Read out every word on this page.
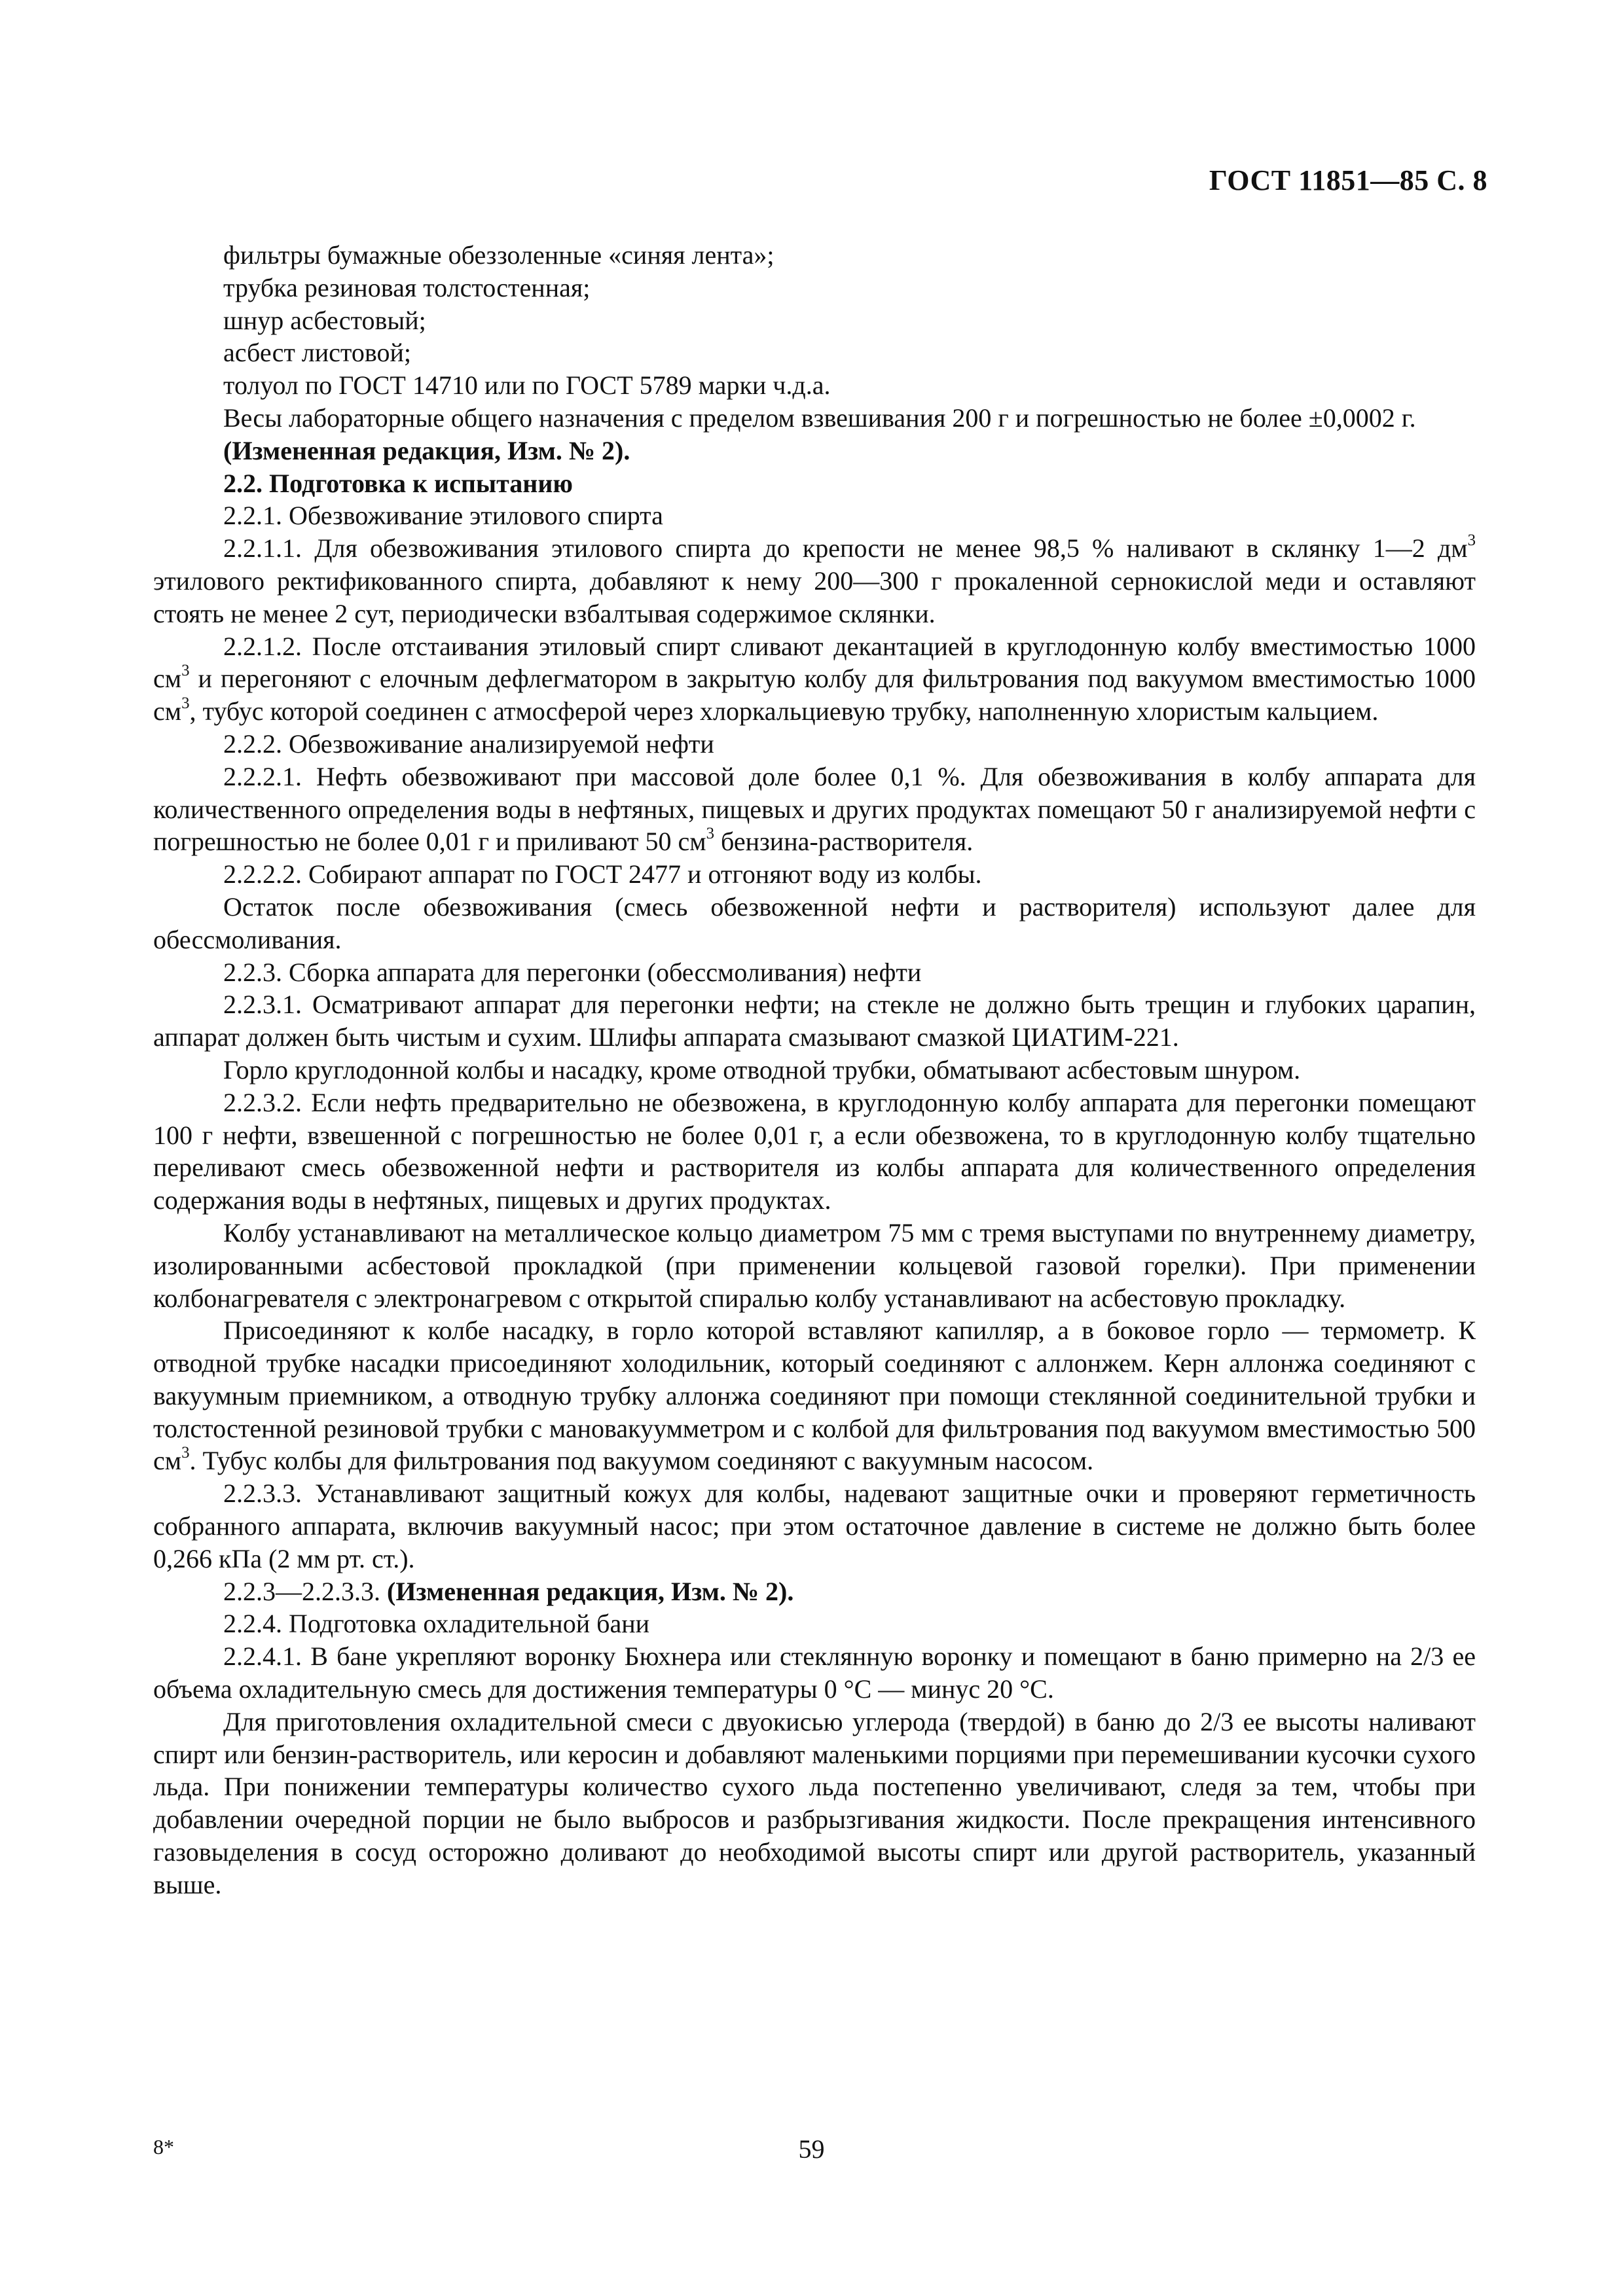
ГОСТ 11851—85 С. 8

фильтры бумажные обеззоленные «синяя лента»;

трубка резиновая толстостенная;

шнур асбестовый;

асбест листовой;

толуол по ГОСТ 14710 или по ГОСТ 5789 марки ч.д.а.

Весы лабораторные общего назначения с пределом взвешивания 200 г и погрешностью не более ±0,0002 г.

(Измененная редакция, Изм. № 2).

2.2. Подготовка к испытанию

2.2.1. Обезвоживание этилового спирта

2.2.1.1. Для обезвоживания этилового спирта до крепости не менее 98,5 % наливают в склянку 1—2 $дм^3$ этилового ректификованного спирта, добавляют к нему 200—300 г прокаленной сернокислой меди и оставляют стоять не менее 2 сут, периодически взбалтывая содержимое склянки.

2.2.1.2. После отстаивания этиловый спирт сливают декантацией в круглодонную колбу вместимостью 1000 $см^3$ и перегоняют с елочным дефлегматором в закрытую колбу для фильтрования под вакуумом вместимостью 1000 $см^3$, тубус которой соединен с атмосферой через хлоркальциевую трубку, наполненную хлористым кальцием.

2.2.2. Обезвоживание анализируемой нефти

2.2.2.1. Нефть обезвоживают при массовой доле более 0,1 %. Для обезвоживания в колбу аппарата для количественного определения воды в нефтяных, пищевых и других продуктах помещают 50 г анализируемой нефти с погрешностью не более 0,01 г и приливают 50 $см^3$ бензина-растворителя.

2.2.2.2. Собирают аппарат по ГОСТ 2477 и отгоняют воду из колбы.

Остаток после обезвоживания (смесь обезвоженной нефти и растворителя) используют далее для обессмоливания.

2.2.3. Сборка аппарата для перегонки (обессмоливания) нефти

2.2.3.1. Осматривают аппарат для перегонки нефти; на стекле не должно быть трещин и глубоких царапин, аппарат должен быть чистым и сухим. Шлифы аппарата смазывают смазкой ЦИАТИМ-221.

Горло круглодонной колбы и насадку, кроме отводной трубки, обматывают асбестовым шнуром.

2.2.3.2. Если нефть предварительно не обезвожена, в круглодонную колбу аппарата для перегонки помещают 100 г нефти, взвешенной с погрешностью не более 0,01 г, а если обезвожена, то в круглодонную колбу тщательно переливают смесь обезвоженной нефти и растворителя из колбы аппарата для количественного определения содержания воды в нефтяных, пищевых и других продуктах.

Колбу устанавливают на металлическое кольцо диаметром 75 мм с тремя выступами по внутреннему диаметру, изолированными асбестовой прокладкой (при применении кольцевой газовой горелки). При применении колбонагревателя с электронагревом с открытой спиралью колбу устанавливают на асбестовую прокладку.

Присоединяют к колбе насадку, в горло которой вставляют капилляр, а в боковое горло — термометр. К отводной трубке насадки присоединяют холодильник, который соединяют с аллонжем. Керн аллонжа соединяют с вакуумным приемником, а отводную трубку аллонжа соединяют при помощи стеклянной соединительной трубки и толстостенной резиновой трубки с мановакуумметром и с колбой для фильтрования под вакуумом вместимостью 500 $см^3$. Тубус колбы для фильтрования под вакуумом соединяют с вакуумным насосом.

2.2.3.3. Устанавливают защитный кожух для колбы, надевают защитные очки и проверяют герметичность собранного аппарата, включив вакуумный насос; при этом остаточное давление в системе не должно быть более 0,266 кПа (2 мм рт. ст.).

2.2.3—2.2.3.3. (Измененная редакция, Изм. № 2).

2.2.4. Подготовка охладительной бани

2.2.4.1. В бане укрепляют воронку Бюхнера или стеклянную воронку и помещают в баню примерно на 2/3 ее объема охладительную смесь для достижения температуры 0 °С — минус 20 °С.

Для приготовления охладительной смеси с двуокисью углерода (твердой) в баню до 2/3 ее высоты наливают спирт или бензин-растворитель, или керосин и добавляют маленькими порциями при перемешивании кусочки сухого льда. При понижении температуры количество сухого льда постепенно увеличивают, следя за тем, чтобы при добавлении очередной порции не было выбросов и разбрызгивания жидкости. После прекращения интенсивного газовыделения в сосуд осторожно доливают до необходимой высоты спирт или другой растворитель, указанный выше.

8*	59
